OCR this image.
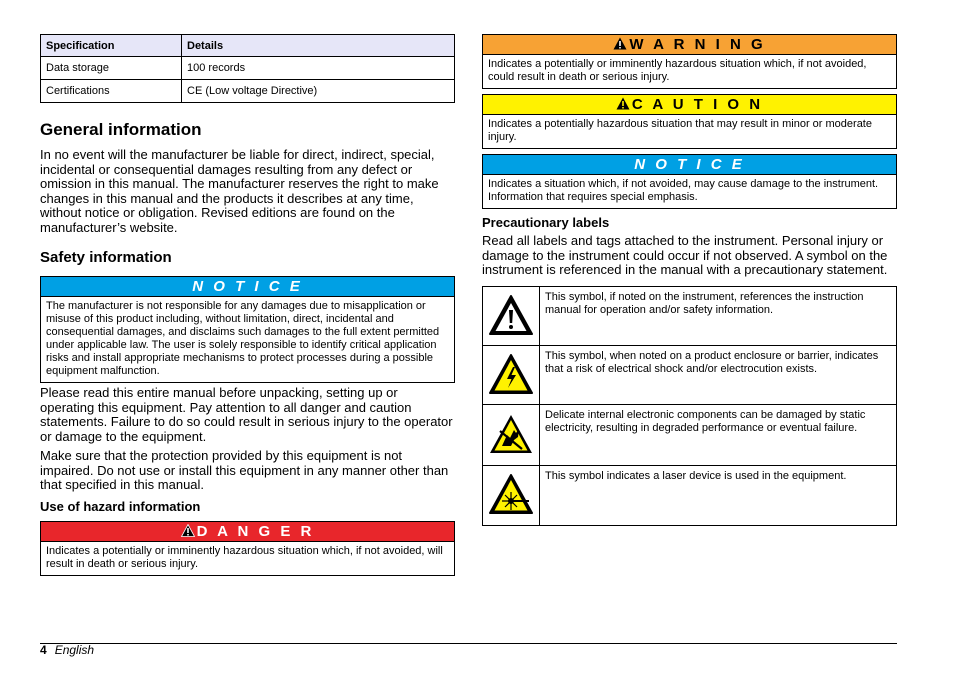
Specification	Details
Data storage	100 records
Certifications	CE (Low voltage Directive)
General information

In no event will the manufacturer be liable for direct, indirect, special, incidental or consequential damages resulting from any defect or omission in this manual. The manufacturer reserves the right to make changes in this manual and the products it describes at any time, without notice or obligation. Revised editions are found on the manufacturer’s website.

Safety information
N O T I C E
The manufacturer is not responsible for any damages due to misapplication or misuse of this product including, without limitation, direct, incidental and consequential damages, and disclaims such damages to the full extent permitted under applicable law. The user is solely responsible to identify critical application risks and install appropriate mechanisms to protect processes during a possible equipment malfunction.

Please read this entire manual before unpacking, setting up or operating this equipment. Pay attention to all danger and caution statements. Failure to do so could result in serious injury to the operator or damage to the equipment.

Make sure that the protection provided by this equipment is not impaired. Do not use or install this equipment in any manner other than that specified in this manual.

Use of hazard information
D A N G E R
Indicates a potentially or imminently hazardous situation which, if not avoided, will result in death or serious injury.
W A R N I N G
Indicates a potentially or imminently hazardous situation which, if not avoided, could result in death or serious injury.
C A U T I O N
Indicates a potentially hazardous situation that may result in minor or moderate injury.
N O T I C E
Indicates a situation which, if not avoided, may cause damage to the instrument. Information that requires special emphasis.
Precautionary labels

Read all labels and tags attached to the instrument. Personal injury or damage to the instrument could occur if not observed. A symbol on the instrument is referenced in the manual with a precautionary statement.

	This symbol, if noted on the instrument, references the instruction manual for operation and/or safety information.
	This symbol, when noted on a product enclosure or barrier, indicates that a risk of electrical shock and/or electrocution exists.
	Delicate internal electronic components can be damaged by static electricity, resulting in degraded performance or eventual failure.
	This symbol indicates a laser device is used in the equipment.
4 English
